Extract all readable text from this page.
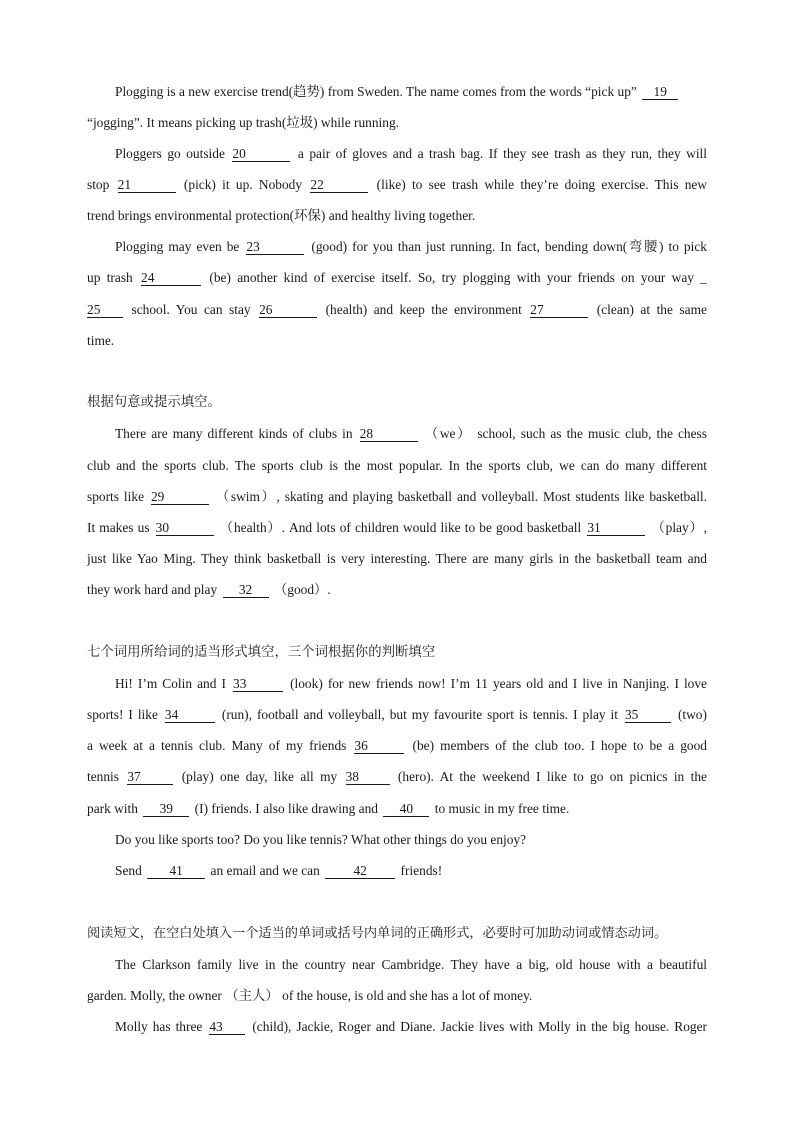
Plogging is a new exercise trend(趋势) from Sweden. The name comes from the words “pick up” 19
“jogging”. It means picking up trash(垃圾) while running.
Ploggers go outside 20	a pair of gloves and a trash bag. If they see trash as they run, they will
stop 21	(pick) it up. Nobody 22	(like) to see trash while they’re doing exercise. This new
trend brings environmental protection(环保) and healthy living together.
Plogging may even be 23	(good) for you than just running. In fact, bending down(弯腰) to pick
up trash 24	(be) another kind of exercise itself. So, try plogging with your friends on your way _
25 school. You can stay 26	(health) and keep the environment 27	(clean) at the same
time.
根据句意或提示填空。
There are many different kinds of clubs in 28	（we） school, such as the music club, the chess
club and the sports club. The sports club is the most popular. In the sports club, we can do many different
sports like 29	（swim）, skating and playing basketball and volleyball. Most students like basketball.
It makes us 30	（health）. And lots of children would like to be good basketball 31	（play）,
just like Yao Ming. They think basketball is very interesting. There are many girls in the basketball team and
they work hard and play 32 （good）.
七个词用所给词的适当形式填空，三个词根据你的判断填空
Hi! I’m Colin and I 33	(look) for new friends now! I’m 11 years old and I live in Nanjing. I love
sports! I like 34	(run), football and volleyball, but my favourite sport is tennis. I play it 35	(two)
a week at a tennis club. Many of my friends 36	(be) members of the club too. I hope to be a good
tennis 37	(play) one day, like all my 38	(hero). At the weekend I like to go on picnics in the
park with 39 (I) friends. I also like drawing and 40 to music in my free time.
Do you like sports too? Do you like tennis? What other things do you enjoy?
Send 41 an email and we can	42	friends!
阅读短文，在空白处填入一个适当的单词或括号内单词的正确形式，必要时可加助动词或情态动词。
The Clarkson family live in the country near Cambridge. They have a big, old house with a beautiful
garden. Molly, the owner （主人） of the house, is old and she has a lot of money.
Molly has three 43 (child), Jackie, Roger and Diane. Jackie lives with Molly in the big house. Roger
